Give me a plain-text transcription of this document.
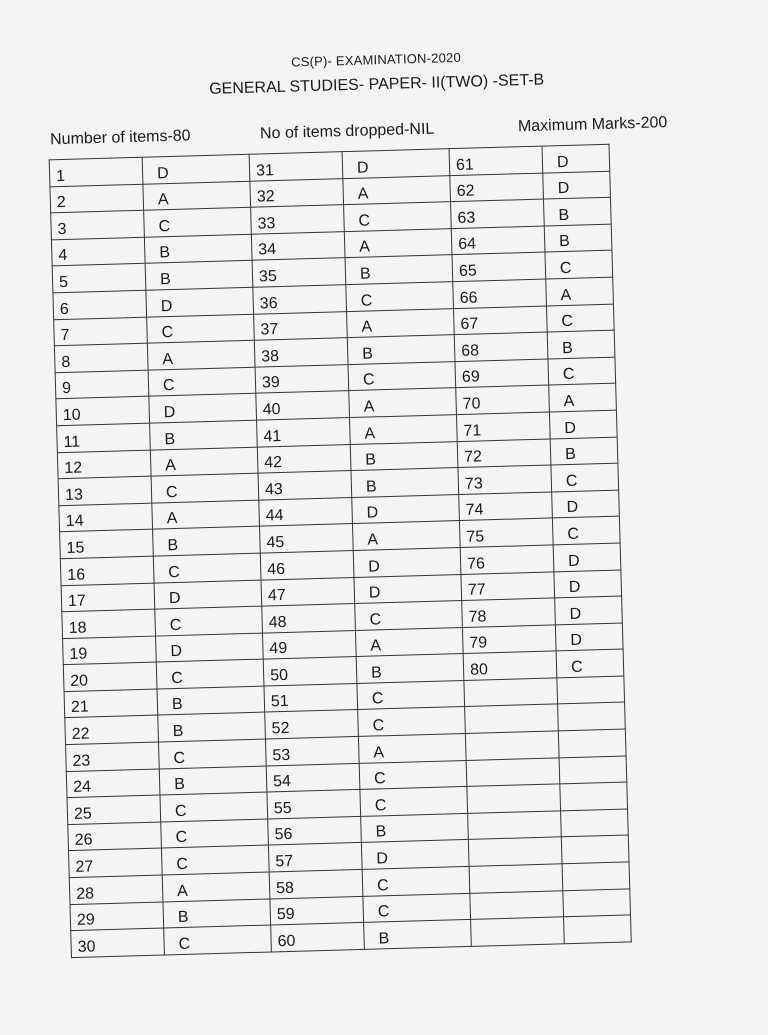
CS(P)- EXAMINATION-2020
GENERAL STUDIES- PAPER- II(TWO) -SET-B
Number of items-80	No of items dropped-NIL	Maximum Marks-200
1	D	31	D	61	D
2	A	32	A	62	D
3	C	33	C	63	B
4	B	34	A	64	B
5	B	35	B	65	C
6	D	36	C	66	A
7	C	37	A	67	C
8	A	38	B	68	B
9	C	39	C	69	C
10	D	40	A	70	A
11	B	41	A	71	D
12	A	42	B	72	B
13	C	43	B	73	C
14	A	44	D	74	D
15	B	45	A	75	C
16	C	46	D	76	D
17	D	47	D	77	D
18	C	48	C	78	D
19	D	49	A	79	D
20	C	50	B	80	C
21	B	51	C		
22	B	52	C		
23	C	53	A		
24	B	54	C		
25	C	55	C		
26	C	56	B		
27	C	57	D		
28	A	58	C		
29	B	59	C		
30	C	60	B		
